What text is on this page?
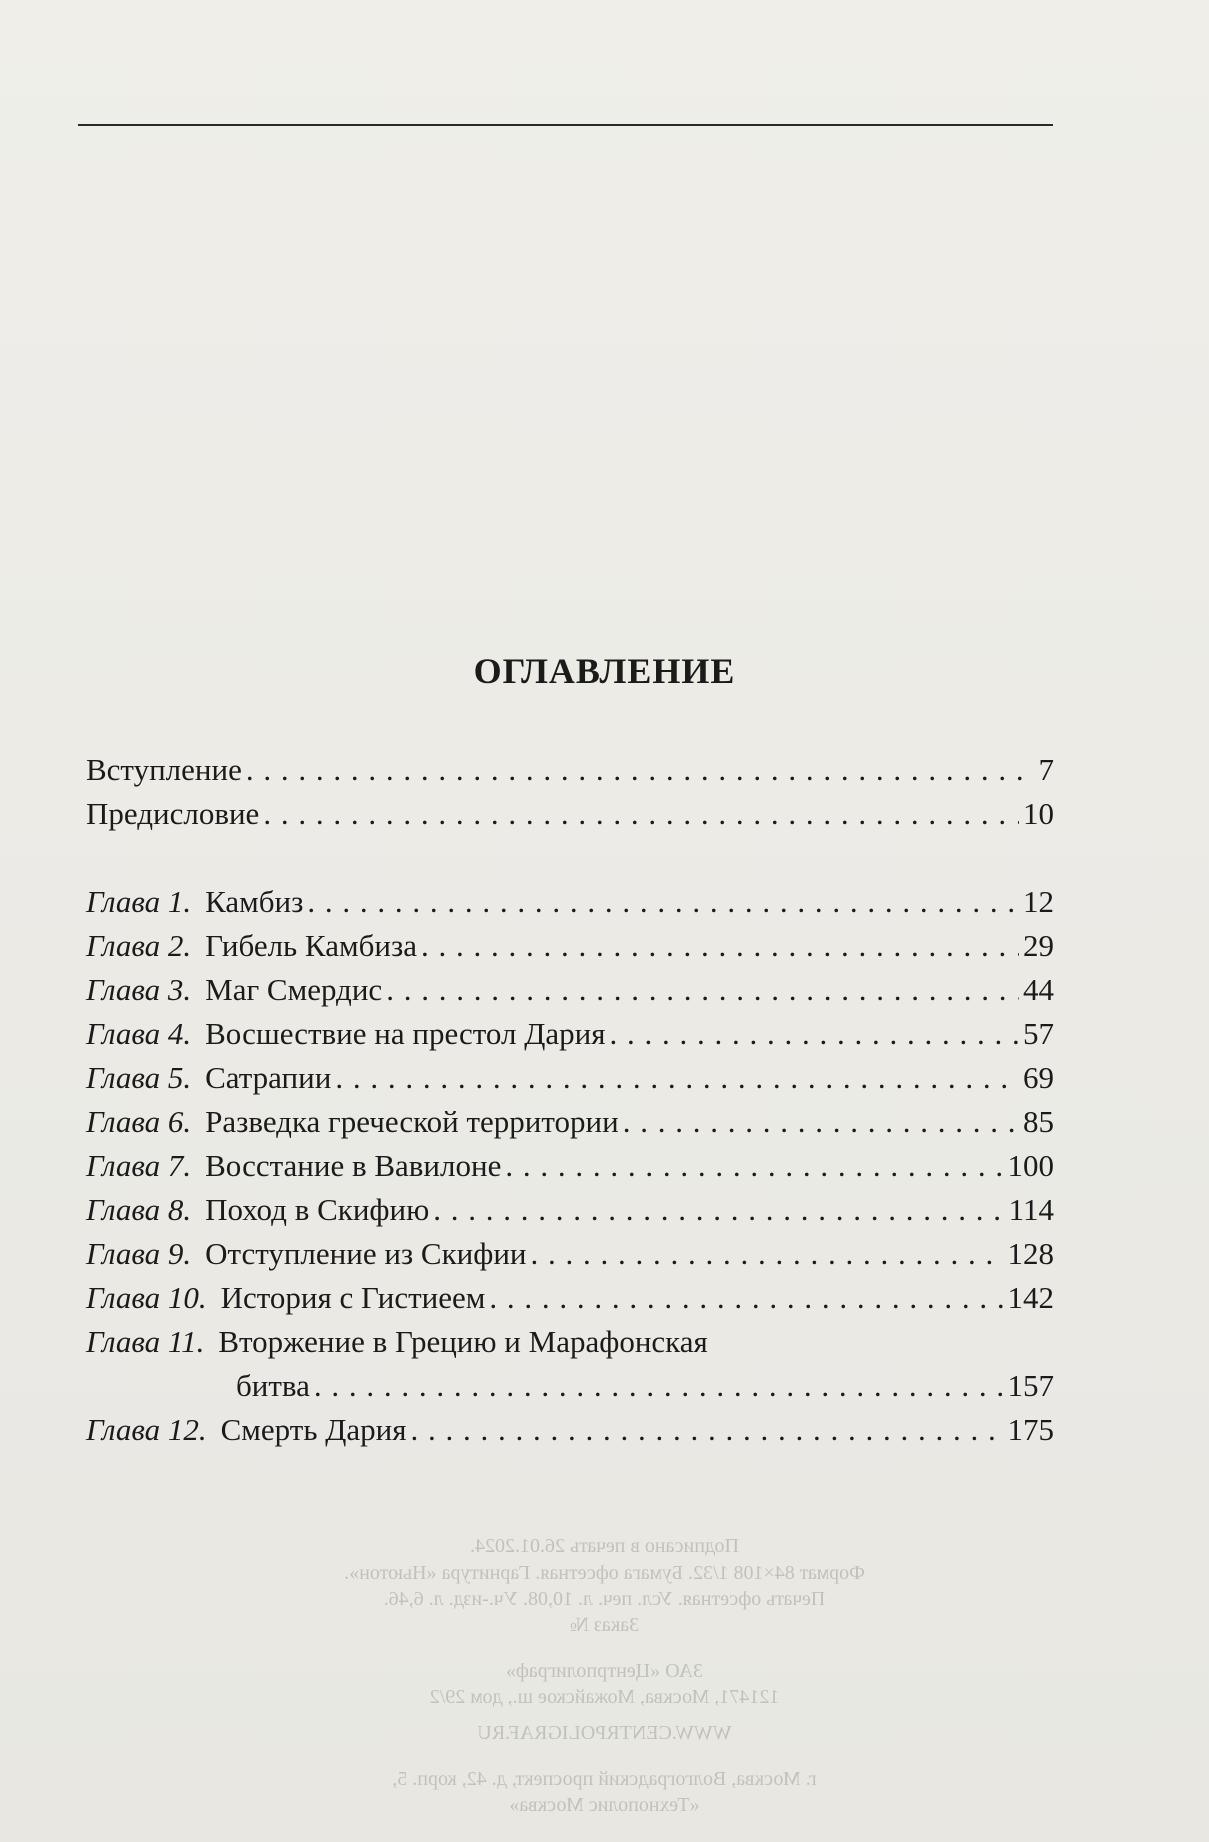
Подписано в печать 26.01.2024.
Формат 84×108 1/32. Бумага офсетная. Гарнитура «Ньютон».
Печать офсетная. Усл. печ. л. 10,08. Уч.-изд. л. 6,46.
Заказ №
ЗАО «Центрполиграф»
121471, Москва, Можайское ш., дом 29/2
WWW.CENTRPOLIGRAF.RU
г. Москва, Волгоградский проспект, д. 42, корп. 5,
«Технополис Москва»
ОГЛАВЛЕНИЕ
Вступление . . .	7
Предисловие . . .	10
Глава 1. Камбиз . . .	12
Глава 2. Гибель Камбиза . . .	29
Глава 3. Маг Смердис . . .	44
Глава 4. Восшествие на престол Дария . . .	57
Глава 5. Сатрапии . . .	69
Глава 6. Разведка греческой территории . . .	85
Глава 7. Восстание в Вавилоне . . .	100
Глава 8. Поход в Скифию . . .	114
Глава 9. Отступление из Скифии . . .	128
Глава 10. История с Гистиеем . . .	142
Глава 11. Вторжение в Грецию и Марафонская
битва . . .	157
Глава 12. Смерть Дария . . .	175
